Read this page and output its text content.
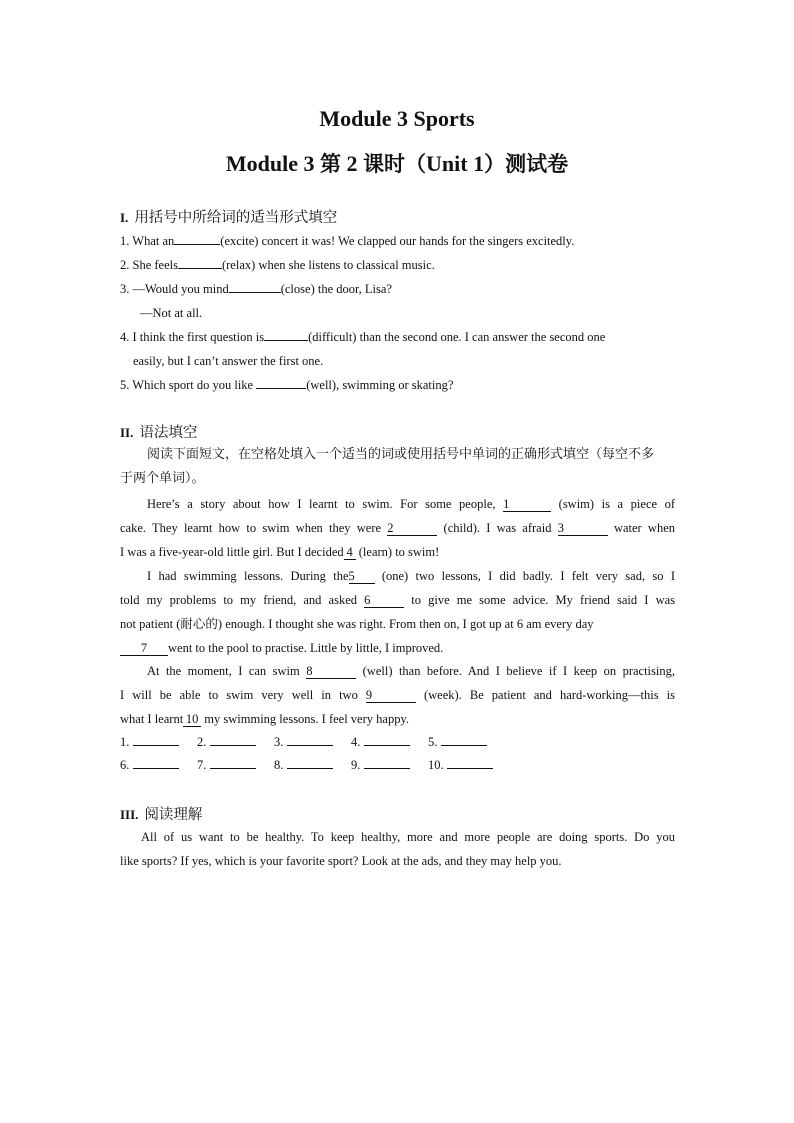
Module 3 Sports
Module 3 第 2 课时（Unit 1）测试卷
I. 用括号中所给词的适当形式填空
1. What an	(excite) concert it was! We clapped our hands for the singers excitedly.
2. She feels	(relax) when she listens to classical music.
3. —Would you mind	(close) the door, Lisa?
—Not at all.
4. I think the first question is	(difficult) than the second one. I can answer the second one
easily, but I can’t answer the first one.
5. Which sport do you like	(well), swimming or skating?
II. 语法填空
阅读下面短文，在空格处填入一个适当的词或使用括号中单词的正确形式填空（每空不多
于两个单词）。
Here’s a story about how I learnt to swim. For some people, 1	(swim) is a piece of
cake. They learnt how to swim when they were 2	(child). I was afraid 3	water when
I was a five-year-old little girl. But I decided 4 (learn) to swim!
I had swimming lessons. During the5 (one) two lessons, I did badly. I felt very sad, so I
told my problems to my friend, and asked 6	to give me some advice. My friend said I was
not patient (耐心的) enough. I thought she was right. From then on, I got up at 6 am every day
7 went to the pool to practise. Little by little, I improved.
At the moment, I can swim 8	(well) than before. And I believe if I keep on practising,
I will be able to swim very well in two 9	(week). Be patient and hard-working—this is
what I learnt 10 my swimming lessons. I feel very happy.
1.	2.	3.	4.	5.
6.	7.	8.	9.	10.
III. 阅读理解
All of us want to be healthy. To keep healthy, more and more people are doing sports. Do you
like sports? If yes, which is your favorite sport? Look at the ads, and they may help you.
